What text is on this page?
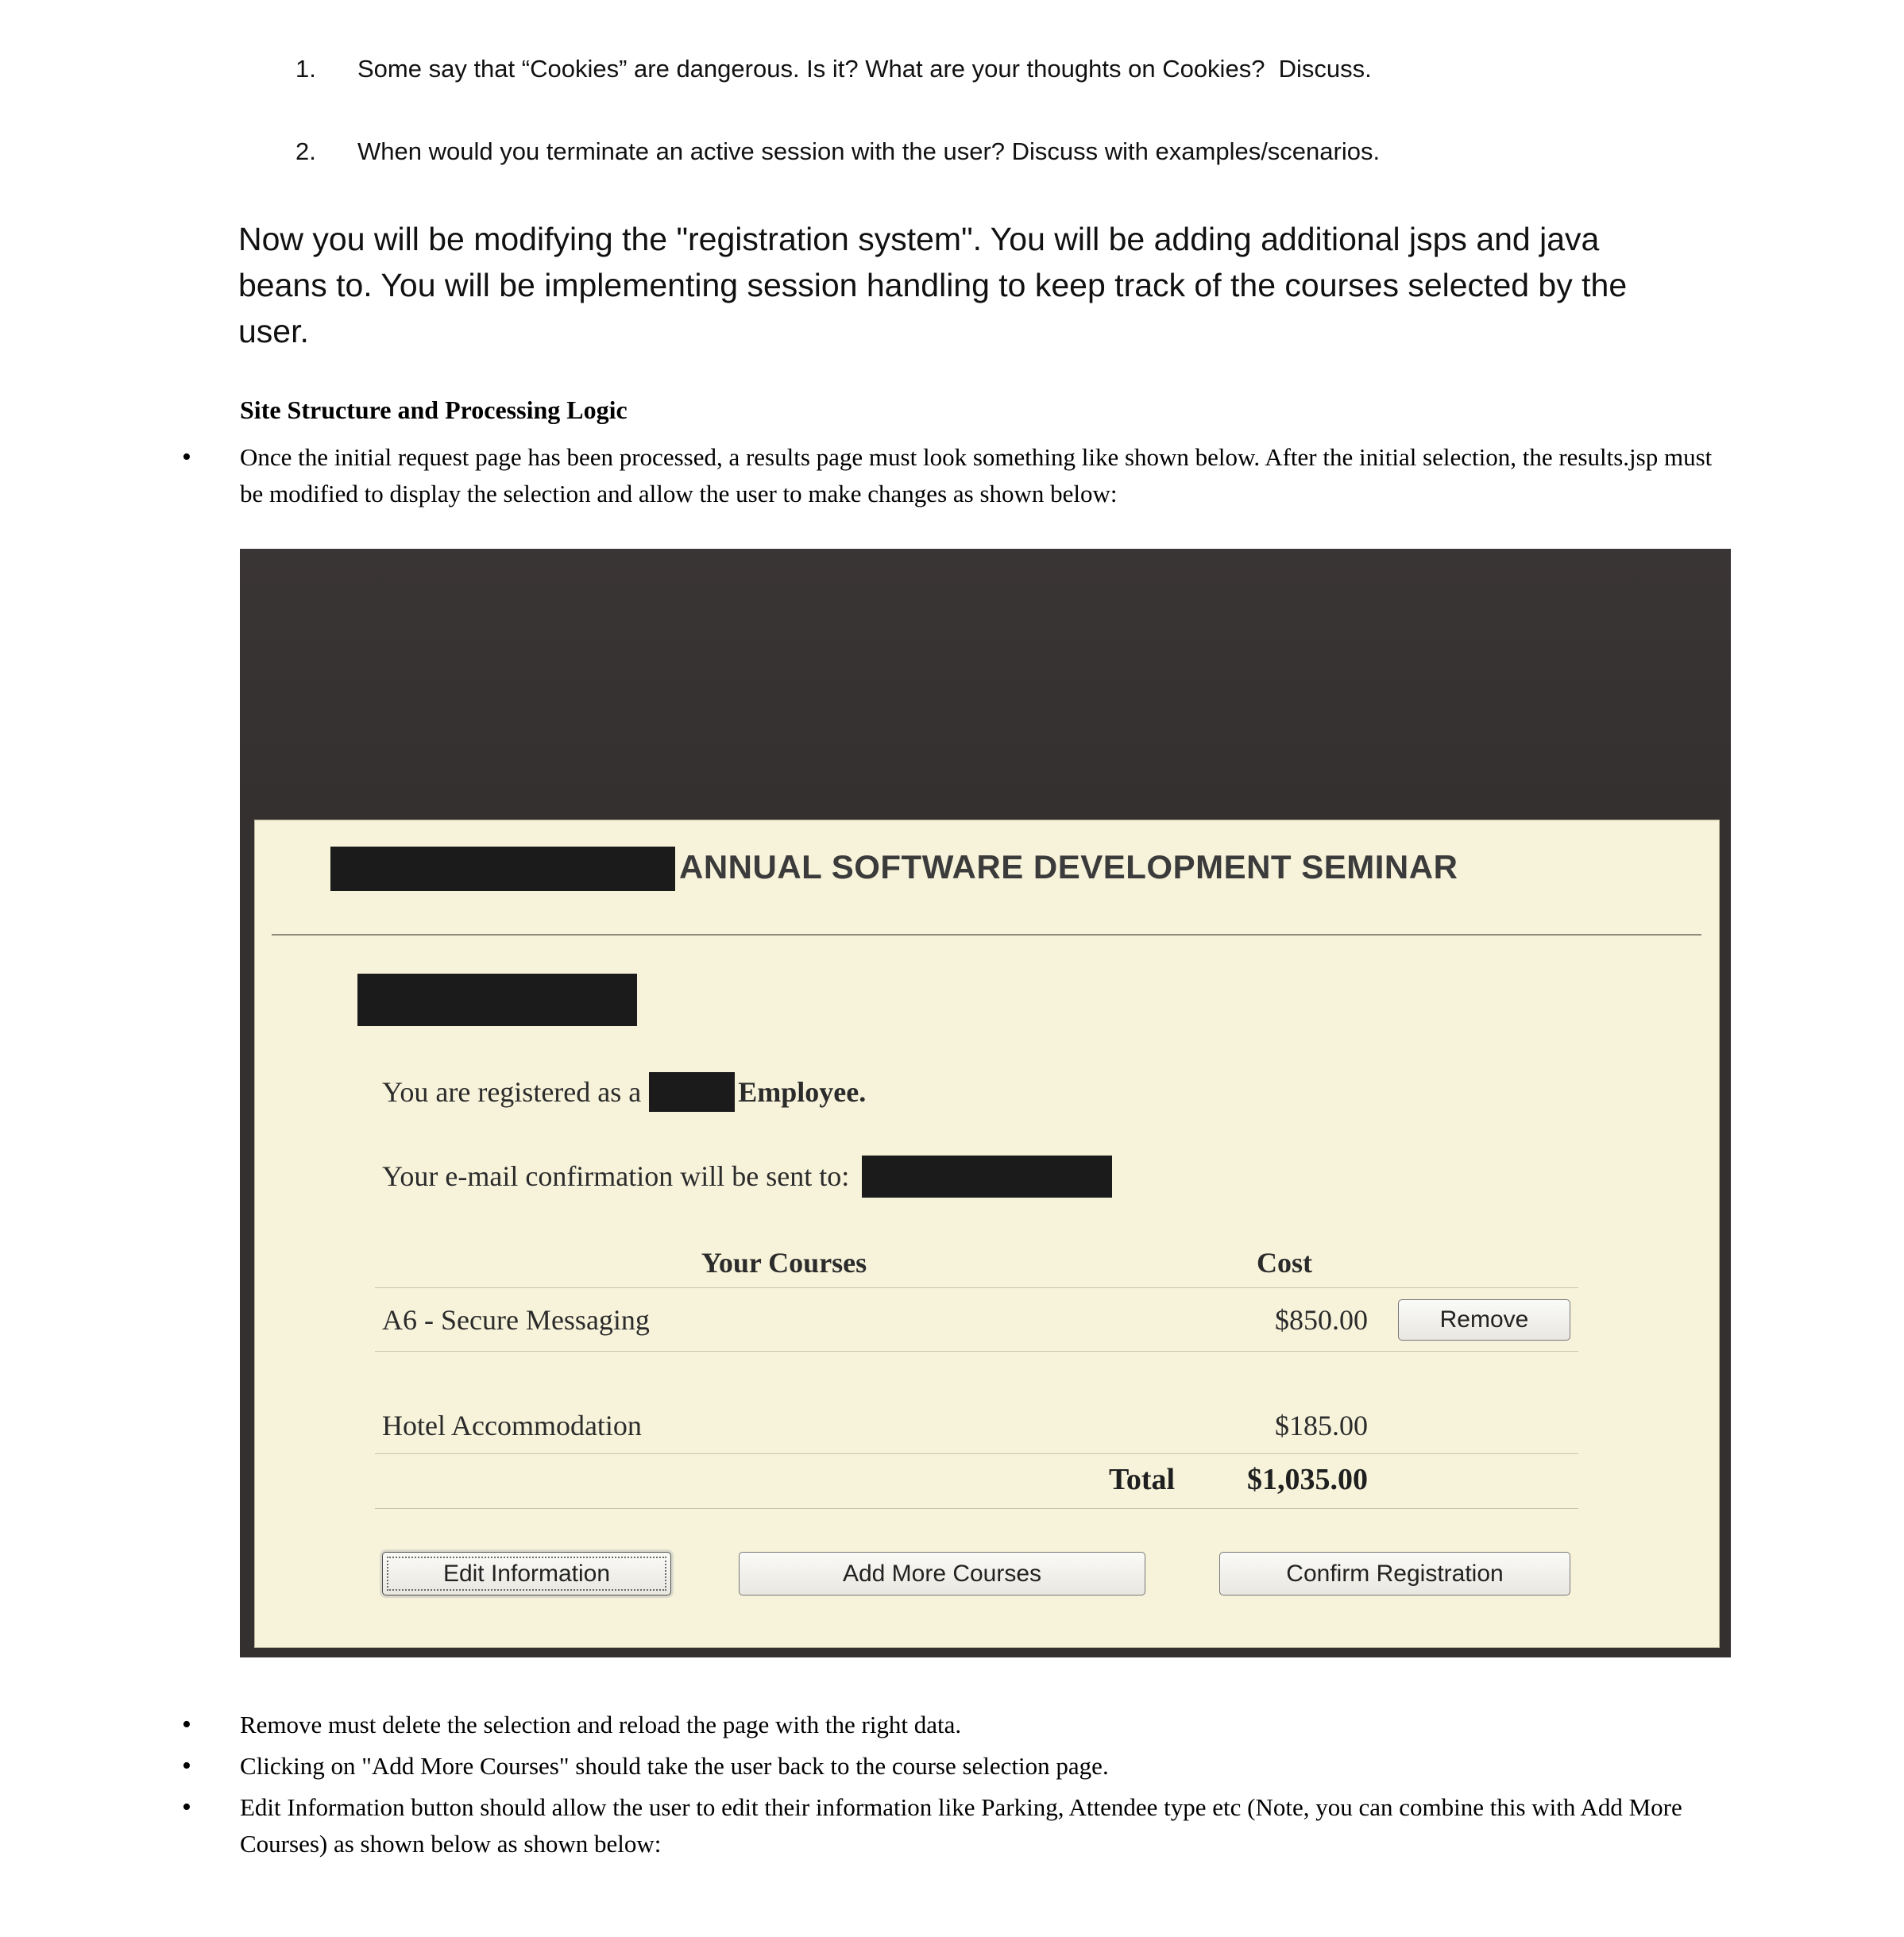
1.	Some say that “Cookies” are dangerous. Is it? What are your thoughts on Cookies?  Discuss.
2.	When would you terminate an active session with the user? Discuss with examples/scenarios.

Now you will be modifying the "registration system". You will be adding additional jsps and java beans to. You will be implementing session handling to keep track of the courses selected by the user.

Site Structure and Processing Logic
•	Once the initial request page has been processed, a results page must look something like shown below. After the initial selection, the results.jsp must be modified to display the selection and allow the user to make changes as shown below:
ANNUAL SOFTWARE DEVELOPMENT SEMINAR
You are registered as a	Employee.
Your e-mail confirmation will be sent to:
Your Courses	Cost
A6 - Secure Messaging	$850.00	Remove
Hotel Accommodation	$185.00
Total $1,035.00
Edit Information	Add More Courses	Confirm Registration
•	Remove must delete the selection and reload the page with the right data.
•	Clicking on "Add More Courses" should take the user back to the course selection page.
•	Edit Information button should allow the user to edit their information like Parking, Attendee type etc (Note, you can combine this with Add More Courses) as shown below as shown below:
